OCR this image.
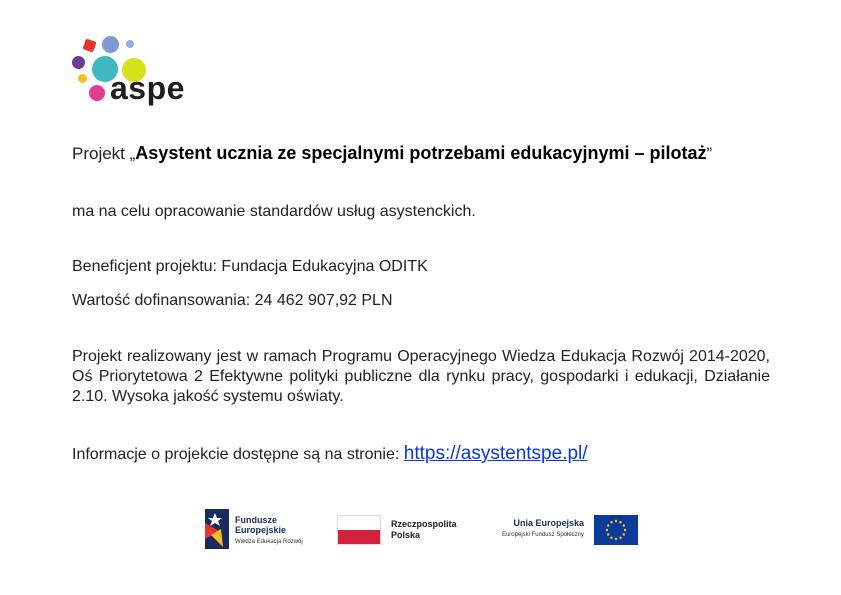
aspe
Projekt „Asystent ucznia ze specjalnymi potrzebami edukacyjnymi – pilotaż”
ma na celu opracowanie standardów usług asystenckich.
Beneficjent projektu: Fundacja Edukacyjna ODITK
Wartość dofinansowania: 24 462 907,92 PLN
Projekt realizowany jest w ramach Programu Operacyjnego Wiedza Edukacja Rozwój 2014-2020, Oś Priorytetowa 2 Efektywne polityki publiczne dla rynku pracy, gospodarki i edukacji, Działanie 2.10. Wysoka jakość systemu oświaty.
Informacje o projekcie dostępne są na stronie: https://asystentspe.pl/
Fundusze
Europejskie
Wiedza Edukacja Rozwój
Rzeczpospolita
Polska
Unia Europejska
Europejski Fundusz Społeczny
